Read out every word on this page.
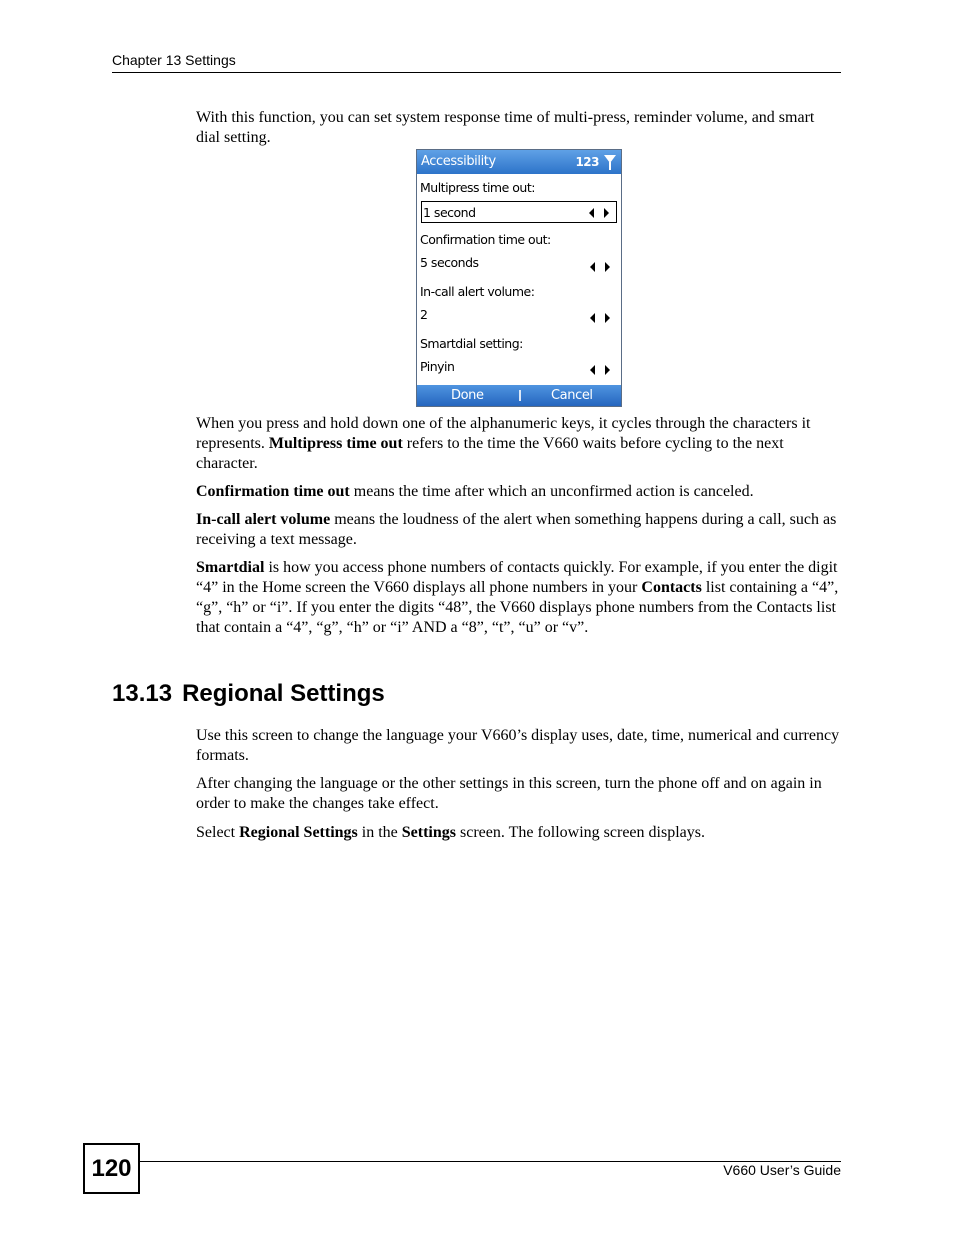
Chapter 13 Settings
With this function, you can set system response time of multi-press, reminder volume, and smart dial setting.
Accessibility	123
Multipress time out:
1 second
Confirmation time out:
5 seconds
In-call alert volume:
2
Smartdial setting:
Pinyin
Done	Cancel
When you press and hold down one of the alphanumeric keys, it cycles through the characters it represents. Multipress time out refers to the time the V660 waits before cycling to the next character.
Confirmation time out means the time after which an unconfirmed action is canceled.
In-call alert volume means the loudness of the alert when something happens during a call, such as receiving a text message.
Smartdial is how you access phone numbers of contacts quickly. For example, if you enter the digit “4” in the Home screen the V660 displays all phone numbers in your Contacts list containing a “4”, “g”, “h” or “i”. If you enter the digits “48”, the V660 displays phone numbers from the Contacts list that contain a “4”, “g”, “h” or “i” AND a “8”, “t”, “u” or “v”.
13.13 Regional Settings
Use this screen to change the language your V660’s display uses, date, time, numerical and currency formats.
After changing the language or the other settings in this screen, turn the phone off and on again in order to make the changes take effect.
Select Regional Settings in the Settings screen. The following screen displays.
120	V660 User’s Guide
